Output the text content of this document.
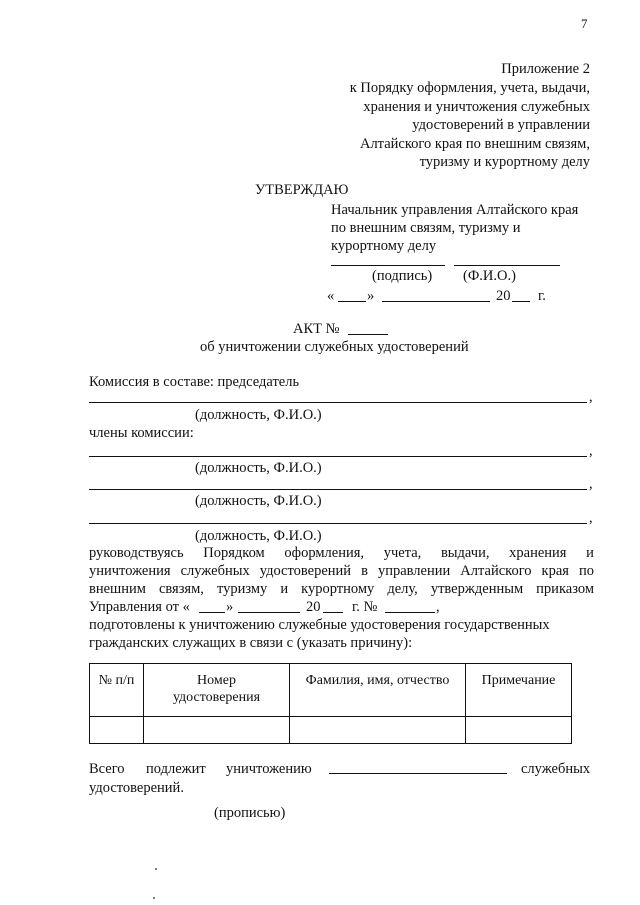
7
Приложение 2
к Порядку оформления, учета, выдачи,
хранения и уничтожения служебных
удостоверений в управлении
Алтайского края по внешним связям,
туризму и курортному делу
УТВЕРЖДАЮ
Начальник управления Алтайского края
по внешним связям, туризму и
курортному делу
(подпись) (Ф.И.О.)
« »	20 г.
АКТ №
об уничтожении служебных удостоверений
Комиссия в составе: председатель
,
(должность, Ф.И.О.)
члены комиссии:
,
(должность, Ф.И.О.)
,
(должность, Ф.И.О.)
,
(должность, Ф.И.О.)
руководствуясь Порядком оформления, учета, выдачи, хранения и
уничтожения служебных удостоверений в управлении Алтайского края по
внешним связям, туризму и курортному делу, утвержденным приказом
Управления от « »	20 г. №	,
подготовлены к уничтожению служебные удостоверения государственных
гражданских служащих в связи с (указать причину):
№ п/п	Номер удостоверения	Фамилия, имя, отчество	Примечание

Всего подлежит уничтожению	служебных
удостоверений.
(прописью)
